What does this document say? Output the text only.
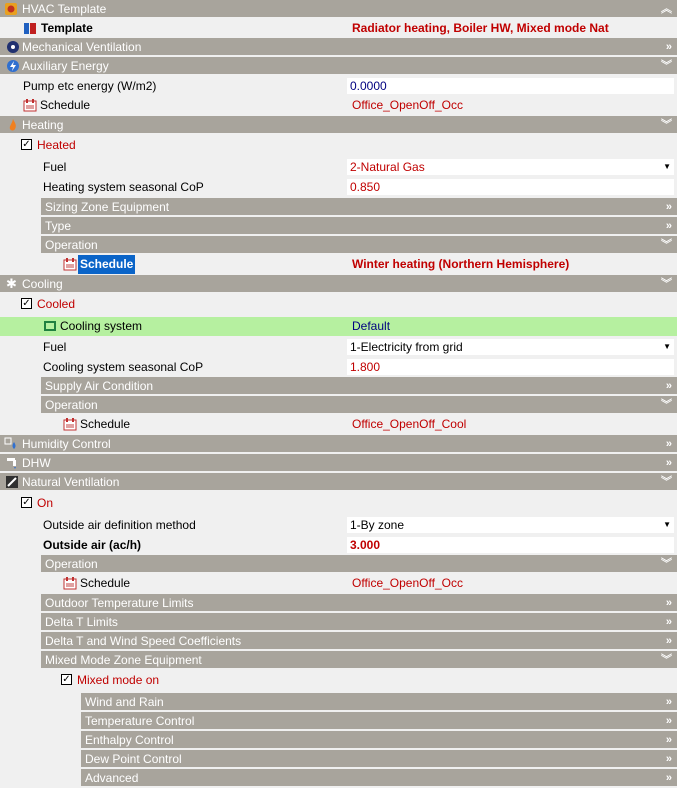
HVAC Template	︽
Template	Radiator heating, Boiler HW, Mixed mode Nat
Mechanical Ventilation	»
Auxiliary Energy	︾
Pump etc energy (W/m2)	0.0000
Schedule	Office_OpenOff_Occ
Heating	︾
✓ Heated
Fuel	2-Natural Gas	▼
Heating system seasonal CoP	0.850
Sizing Zone Equipment	»
Type	»
Operation	︾
Schedule	Winter heating (Northern Hemisphere)
✱ Cooling	︾
✓ Cooled
Cooling system	Default
Fuel	1-Electricity from grid	▼
Cooling system seasonal CoP	1.800
Supply Air Condition	»
Operation	︾
Schedule	Office_OpenOff_Cool
Humidity Control	»
DHW	»
Natural Ventilation	︾
✓ On
Outside air definition method	1-By zone	▼
Outside air (ac/h)	3.000
Operation	︾
Schedule	Office_OpenOff_Occ
Outdoor Temperature Limits	»
Delta T Limits	»
Delta T and Wind Speed Coefficients	»
Mixed Mode Zone Equipment	︾
✓ Mixed mode on
Wind and Rain	»
Temperature Control	»
Enthalpy Control	»
Dew Point Control	»
Advanced	»
